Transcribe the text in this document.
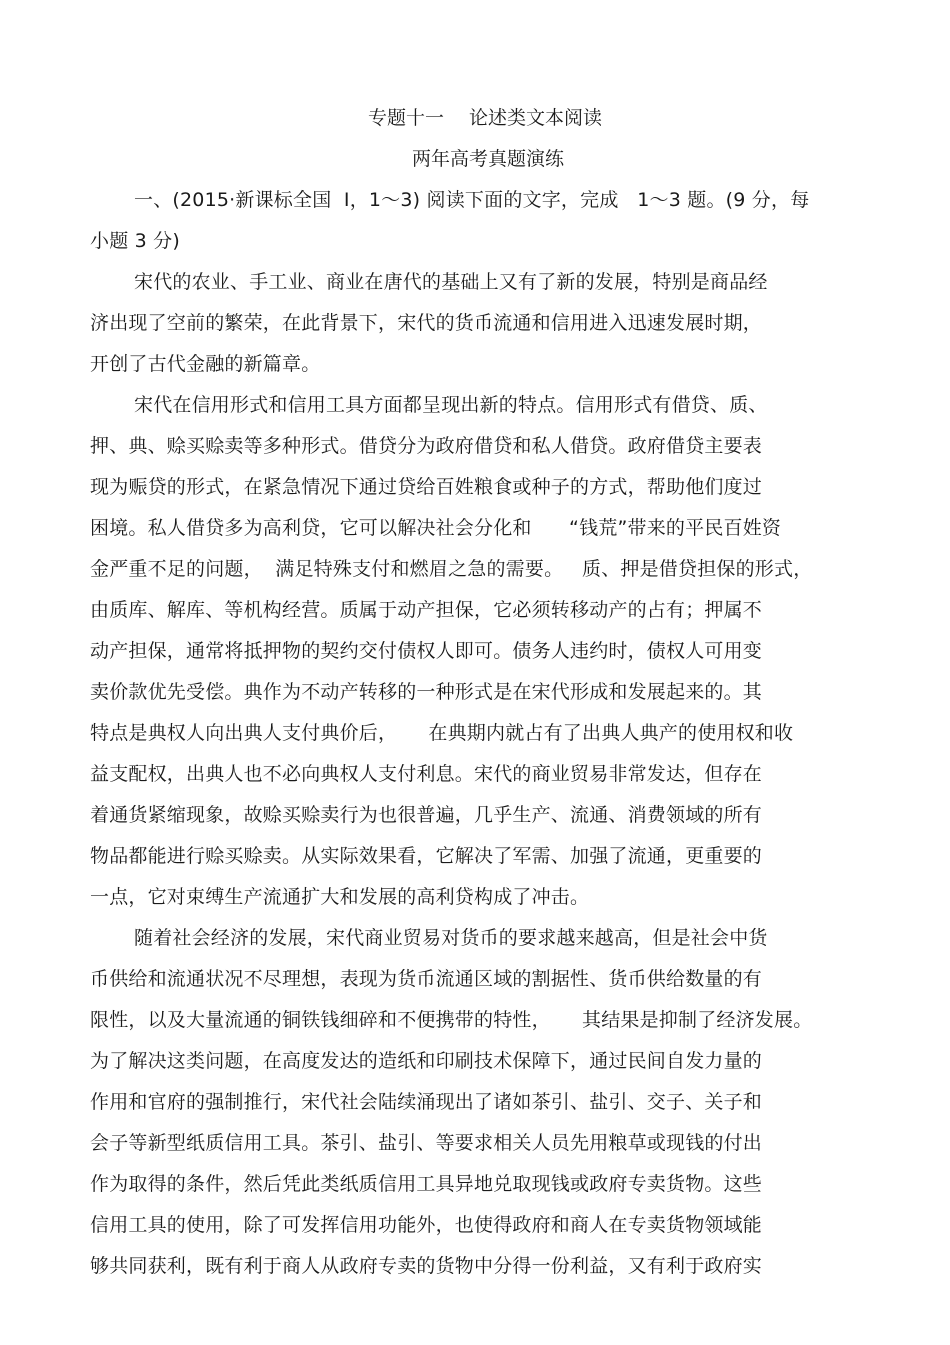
专题十一　 论述类文本阅读
两年高考真题演练
一、(2015·新课标全国  Ⅰ，1～3) 阅读下面的文字，完成   1～3 题。(9 分，每
小题 3 分)
宋代的农业、手工业、商业在唐代的基础上又有了新的发展，特别是商品经
济出现了空前的繁荣，在此背景下，宋代的货币流通和信用进入迅速发展时期，
开创了古代金融的新篇章。
宋代在信用形式和信用工具方面都呈现出新的特点。信用形式有借贷、质、
押、典、赊买赊卖等多种形式。借贷分为政府借贷和私人借贷。政府借贷主要表
现为赈贷的形式，在紧急情况下通过贷给百姓粮食或种子的方式，帮助他们度过
困境。私人借贷多为高利贷，它可以解决社会分化和      “钱荒”带来的平民百姓资
金严重不足的问题，  满足特殊支付和燃眉之急的需要。   质、押是借贷担保的形式，
由质库、解库、等机构经营。质属于动产担保，它必须转移动产的占有；押属不
动产担保，通常将抵押物的契约交付债权人即可。债务人违约时，债权人可用变
卖价款优先受偿。典作为不动产转移的一种形式是在宋代形成和发展起来的。其
特点是典权人向出典人支付典价后，     在典期内就占有了出典人典产的使用权和收
益支配权，出典人也不必向典权人支付利息。宋代的商业贸易非常发达，但存在
着通货紧缩现象，故赊买赊卖行为也很普遍，几乎生产、流通、消费领域的所有
物品都能进行赊买赊卖。从实际效果看，它解决了军需、加强了流通，更重要的
一点，它对束缚生产流通扩大和发展的高利贷构成了冲击。
随着社会经济的发展，宋代商业贸易对货币的要求越来越高，但是社会中货
币供给和流通状况不尽理想，表现为货币流通区域的割据性、货币供给数量的有
限性，以及大量流通的铜铁钱细碎和不便携带的特性，     其结果是抑制了经济发展。
为了解决这类问题，在高度发达的造纸和印刷技术保障下，通过民间自发力量的
作用和官府的强制推行，宋代社会陆续涌现出了诸如茶引、盐引、交子、关子和
会子等新型纸质信用工具。茶引、盐引、等要求相关人员先用粮草或现钱的付出
作为取得的条件，然后凭此类纸质信用工具异地兑取现钱或政府专卖货物。这些
信用工具的使用，除了可发挥信用功能外，也使得政府和商人在专卖货物领域能
够共同获利，既有利于商人从政府专卖的货物中分得一份利益，又有利于政府实
